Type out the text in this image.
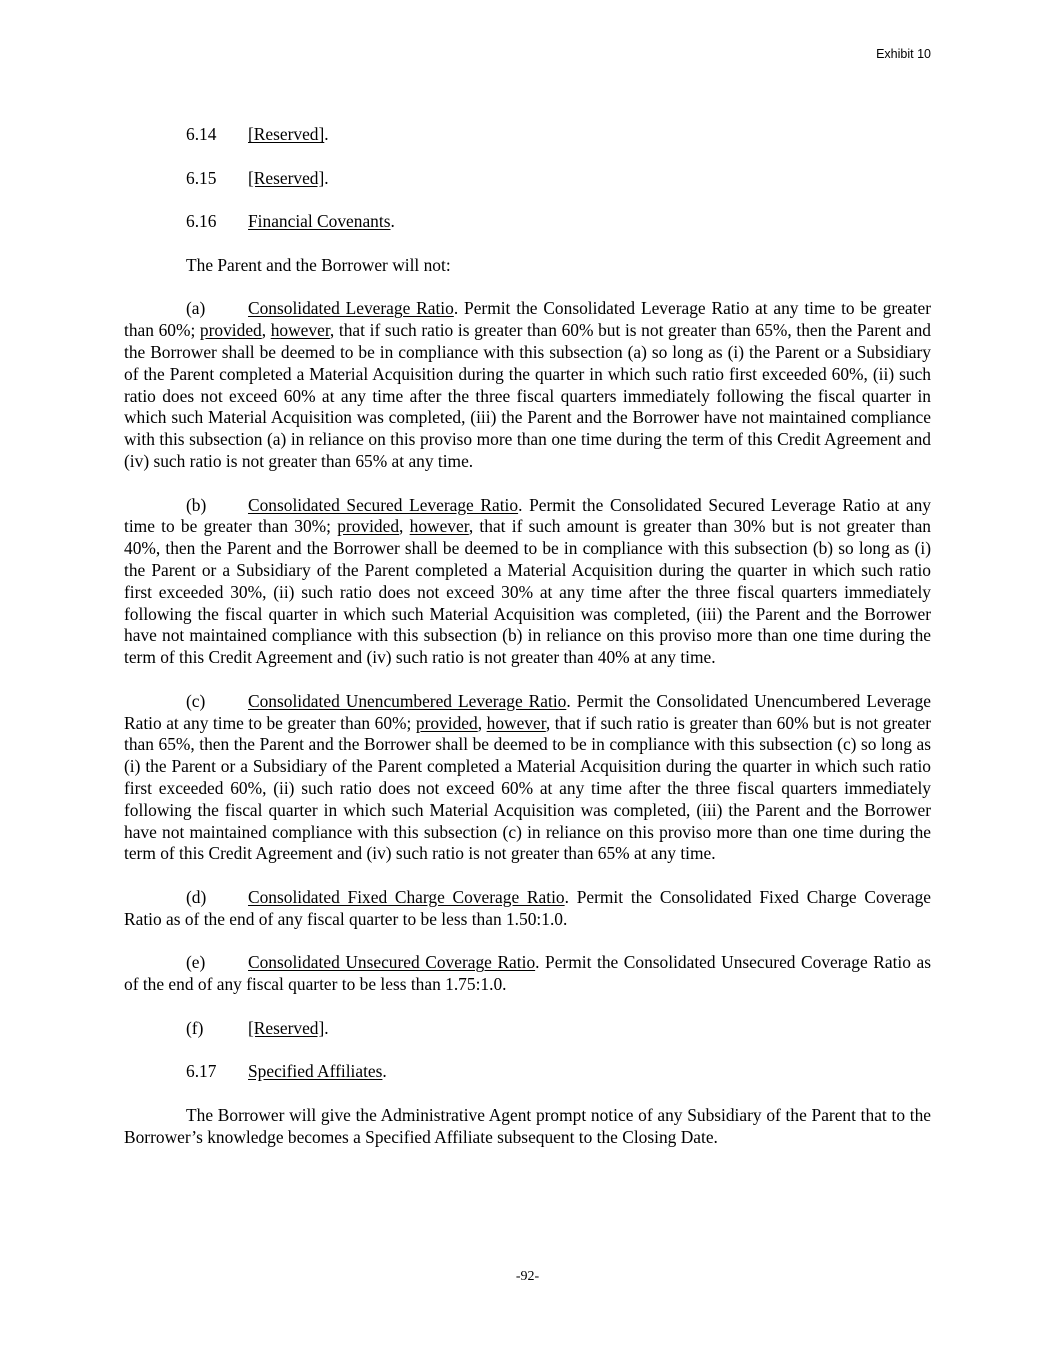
Exhibit 10
6.14 [Reserved].
6.15 [Reserved].
6.16 Financial Covenants.

The Parent and the Borrower will not:

(a) Consolidated Leverage Ratio. Permit the Consolidated Leverage Ratio at any time to be greater than 60%; provided, however, that if such ratio is greater than 60% but is not greater than 65%, then the Parent and the Borrower shall be deemed to be in compliance with this subsection (a) so long as (i) the Parent or a Subsidiary of the Parent completed a Material Acquisition during the quarter in which such ratio first exceeded 60%, (ii) such ratio does not exceed 60% at any time after the three fiscal quarters immediately following the fiscal quarter in which such Material Acquisition was completed, (iii) the Parent and the Borrower have not maintained compliance with this subsection (a) in reliance on this proviso more than one time during the term of this Credit Agreement and (iv) such ratio is not greater than 65% at any time.

(b) Consolidated Secured Leverage Ratio. Permit the Consolidated Secured Leverage Ratio at any time to be greater than 30%; provided, however, that if such amount is greater than 30% but is not greater than 40%, then the Parent and the Borrower shall be deemed to be in compliance with this subsection (b) so long as (i) the Parent or a Subsidiary of the Parent completed a Material Acquisition during the quarter in which such ratio first exceeded 30%, (ii) such ratio does not exceed 30% at any time after the three fiscal quarters immediately following the fiscal quarter in which such Material Acquisition was completed, (iii) the Parent and the Borrower have not maintained compliance with this subsection (b) in reliance on this proviso more than one time during the term of this Credit Agreement and (iv) such ratio is not greater than 40% at any time.

(c) Consolidated Unencumbered Leverage Ratio. Permit the Consolidated Unencumbered Leverage Ratio at any time to be greater than 60%; provided, however, that if such ratio is greater than 60% but is not greater than 65%, then the Parent and the Borrower shall be deemed to be in compliance with this subsection (c) so long as (i) the Parent or a Subsidiary of the Parent completed a Material Acquisition during the quarter in which such ratio first exceeded 60%, (ii) such ratio does not exceed 60% at any time after the three fiscal quarters immediately following the fiscal quarter in which such Material Acquisition was completed, (iii) the Parent and the Borrower have not maintained compliance with this subsection (c) in reliance on this proviso more than one time during the term of this Credit Agreement and (iv) such ratio is not greater than 65% at any time.

(d) Consolidated Fixed Charge Coverage Ratio. Permit the Consolidated Fixed Charge Coverage Ratio as of the end of any fiscal quarter to be less than 1.50:1.0.

(e) Consolidated Unsecured Coverage Ratio. Permit the Consolidated Unsecured Coverage Ratio as of the end of any fiscal quarter to be less than 1.75:1.0.

(f)	[Reserved].
6.17 Specified Affiliates.

The Borrower will give the Administrative Agent prompt notice of any Subsidiary of the Parent that to the Borrower’s knowledge becomes a Specified Affiliate subsequent to the Closing Date.

-92-
